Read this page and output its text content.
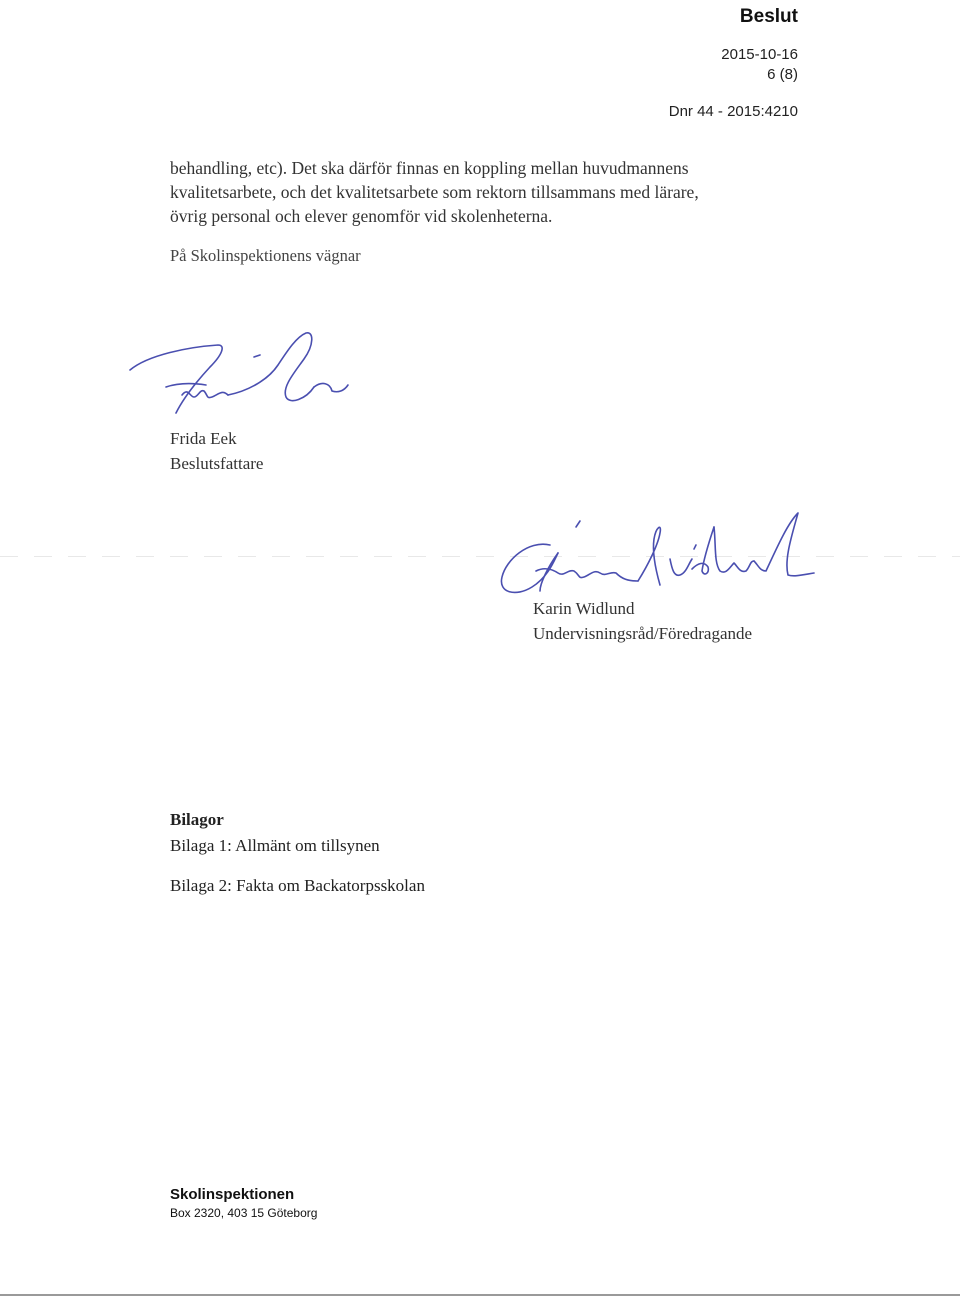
Beslut
2015-10-16
6 (8)
Dnr 44 - 2015:4210

behandling, etc). Det ska därför finnas en koppling mellan huvudmannens

kvalitetsarbete, och det kvalitetsarbete som rektorn tillsammans med lärare,

övrig personal och elever genomför vid skolenheterna.

På Skolinspektionens vägnar
Frida Eek
Beslutsfattare
Karin Widlund
Undervisningsråd/Föredragande
Bilagor
Bilaga 1: Allmänt om tillsynen
Bilaga 2: Fakta om Backatorpsskolan
Skolinspektionen
Box 2320, 403 15 Göteborg
